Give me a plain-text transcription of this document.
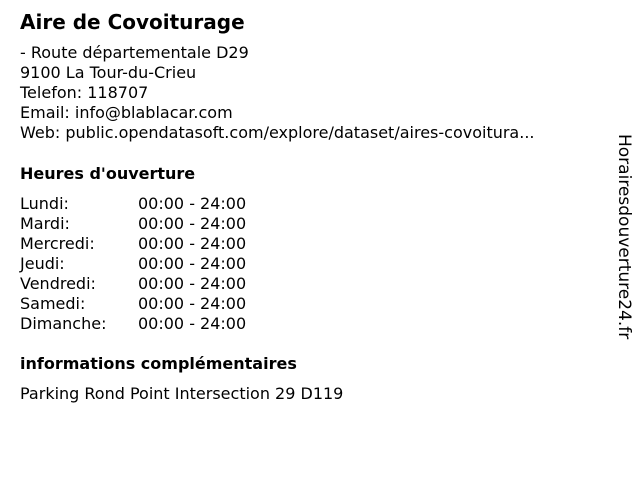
Aire de Covoiturage
- Route départementale D29
9100 La Tour-du-Crieu
Telefon: 118707
Email: info@blablacar.com
Web: public.opendatasoft.com/explore/dataset/aires-covoitura...
Heures d'ouverture
Lundi:	00:00 - 24:00
Mardi:	00:00 - 24:00
Mercredi:	00:00 - 24:00
Jeudi:	00:00 - 24:00
Vendredi:	00:00 - 24:00
Samedi:	00:00 - 24:00
Dimanche:	00:00 - 24:00
informations complémentaires
Parking Rond Point Intersection 29 D119
Horairesdouverture24.fr
